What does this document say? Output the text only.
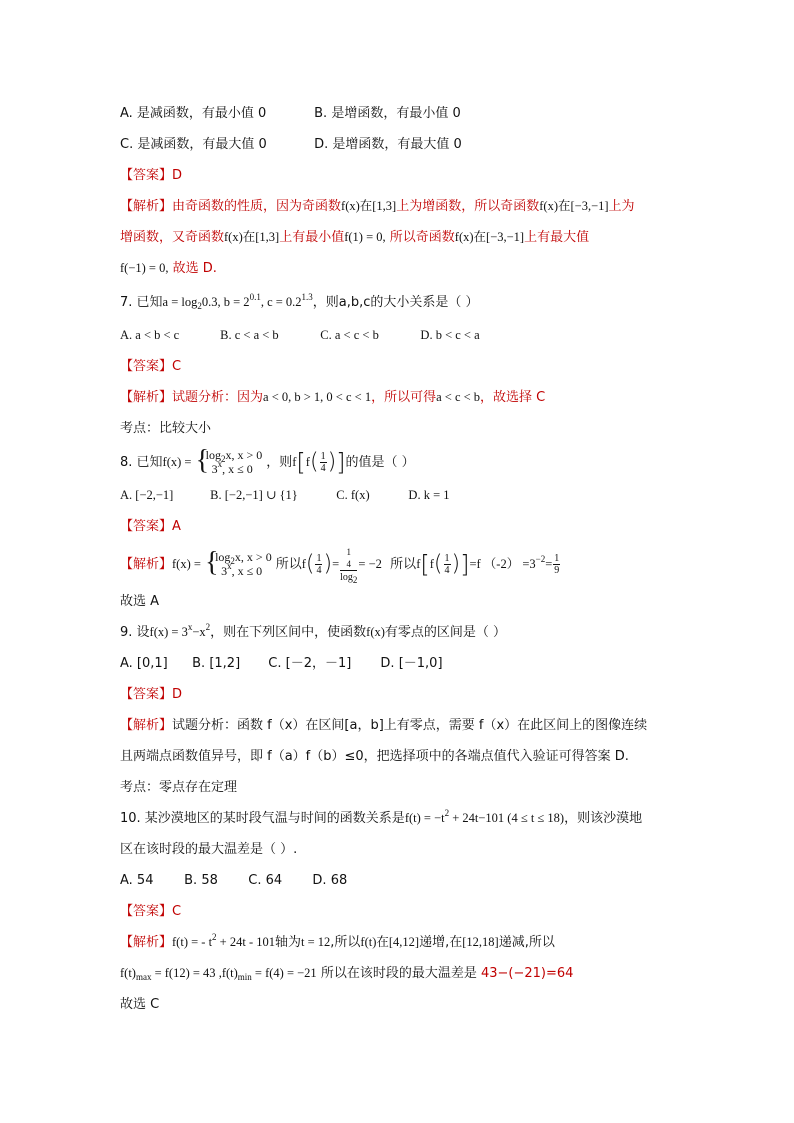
A. 是减函数，有最小值 0	B. 是增函数，有最小值 0
C. 是减函数，有最大值 0	D. 是增函数，有最大值 0
【答案】D
【解析】由奇函数的性质，因为奇函数f(x)在[1,3]上为增函数，所以奇函数f(x)在[−3,−1]上为
增函数，又奇函数f(x)在[1,3]上有最小值f(1) = 0, 所以奇函数f(x)在[−3,−1]上有最大值
f(−1) = 0, 故选 D.
7. 已知$a = \log_20.3$, $b = 2^{0.1}$, $c = 0.2^{1.3}$，则a,b,c的大小关系是（ ）
A. a < b < c	B. c < a < b	C. a < c < b	D. b < c < a
【答案】C
【解析】试题分析：因为a < 0, b > 1, 0 < c < 1，所以可得a < c < b，故选择 C
考点：比较大小
8. 已知f(x) =
{ $\log_2x$, x > 0
3$^x$, x ≤ 0	，则$f[f( \frac{1}{4}$ )]的值是（ ）
A. [−2,−1]	B. [−2,−1] ∪ {1}	C. f(x)	D. k = 1
【答案】A
【解析】f(x) =
{ $\log_2x$, x > 0
3$^x$, x ≤ 0	所以$f( \frac{1}{4}$ )=
1
4
log2
= −2 所以$f[f( \frac{1}{4} )]=f$ $(-2) =3^{-2}= \frac{1}{9}$
故选 A
9. 设$f(x) = 3^x-x^2$，则在下列区间中，使函数f(x)有零点的区间是（ ）
A. [0,1] B. [1,2] C. [－2，－1] D. [－1,0]
【答案】D
【解析】试题分析：函数 f（x）在区间[a，b]上有零点，需要 f（x）在此区间上的图像连续
且两端点函数值异号，即 f（a）f（b）≤0，把选择项中的各端点值代入验证可得答案 D.
考点：零点存在定理
10. 某沙漠地区的某时段气温与时间的函数关系是$f(t) = -t^2 + 24t-101$ (4 ≤ t ≤ 18)，则该沙漠地
区在该时段的最大温差是（ ）.
A. 54 B. 58 C. 64 D. 68
【答案】C
【解析】f(t) = - $t^2 + 24t - 101$轴为t = 12,所以f(t)在[4,12]递增,在[12,18]递减,所以
$f(t)_{max} = f(12) = 43$ $,f(t)_{min} = f(4) = -21$ 所以在该时段的最大温差是 43−(−21)=64
故选 C
